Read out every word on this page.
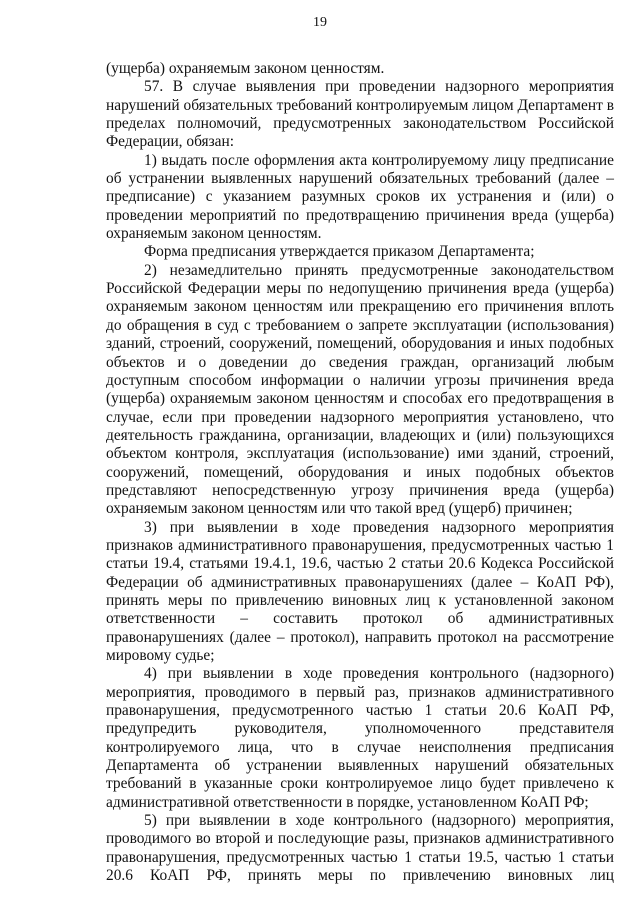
19

(ущерба) охраняемым законом ценностям.

57. В случае выявления при проведении надзорного мероприятия нарушений обязательных требований контролируемым лицом Департамент в пределах полномочий, предусмотренных законодательством Российской Федерации, обязан:

1) выдать после оформления акта контролируемому лицу предписание об устранении выявленных нарушений обязательных требований (далее – предписание) с указанием разумных сроков их устранения и (или) о проведении мероприятий по предотвращению причинения вреда (ущерба) охраняемым законом ценностям.

Форма предписания утверждается приказом Департамента;

2) незамедлительно принять предусмотренные законодательством Российской Федерации меры по недопущению причинения вреда (ущерба) охраняемым законом ценностям или прекращению его причинения вплоть до обращения в суд с требованием о запрете эксплуатации (использования) зданий, строений, сооружений, помещений, оборудования и иных подобных объектов и о доведении до сведения граждан, организаций любым доступным способом информации о наличии угрозы причинения вреда (ущерба) охраняемым законом ценностям и способах его предотвращения в случае, если при проведении надзорного мероприятия установлено, что деятельность гражданина, организации, владеющих и (или) пользующихся объектом контроля, эксплуатация (использование) ими зданий, строений, сооружений, помещений, оборудования и иных подобных объектов представляют непосредственную угрозу причинения вреда (ущерба) охраняемым законом ценностям или что такой вред (ущерб) причинен;

3) при выявлении в ходе проведения надзорного мероприятия признаков административного правонарушения, предусмотренных частью 1 статьи 19.4, статьями 19.4.1, 19.6, частью 2 статьи 20.6 Кодекса Российской Федерации об административных правонарушениях (далее – КоАП РФ), принять меры по привлечению виновных лиц к установленной законом ответственности – составить протокол об административных правонарушениях (далее – протокол), направить протокол на рассмотрение мировому судье;

4) при выявлении в ходе проведения контрольного (надзорного) мероприятия, проводимого в первый раз, признаков административного правонарушения, предусмотренного частью 1 статьи 20.6 КоАП РФ, предупредить руководителя, уполномоченного представителя контролируемого лица, что в случае неисполнения предписания Департамента об устранении выявленных нарушений обязательных требований в указанные сроки контролируемое лицо будет привлечено к административной ответственности в порядке, установленном КоАП РФ;

5) при выявлении в ходе контрольного (надзорного) мероприятия, проводимого во второй и последующие разы, признаков административного правонарушения, предусмотренных частью 1 статьи 19.5, частью 1 статьи 20.6 КоАП РФ, принять меры по привлечению виновных лиц
